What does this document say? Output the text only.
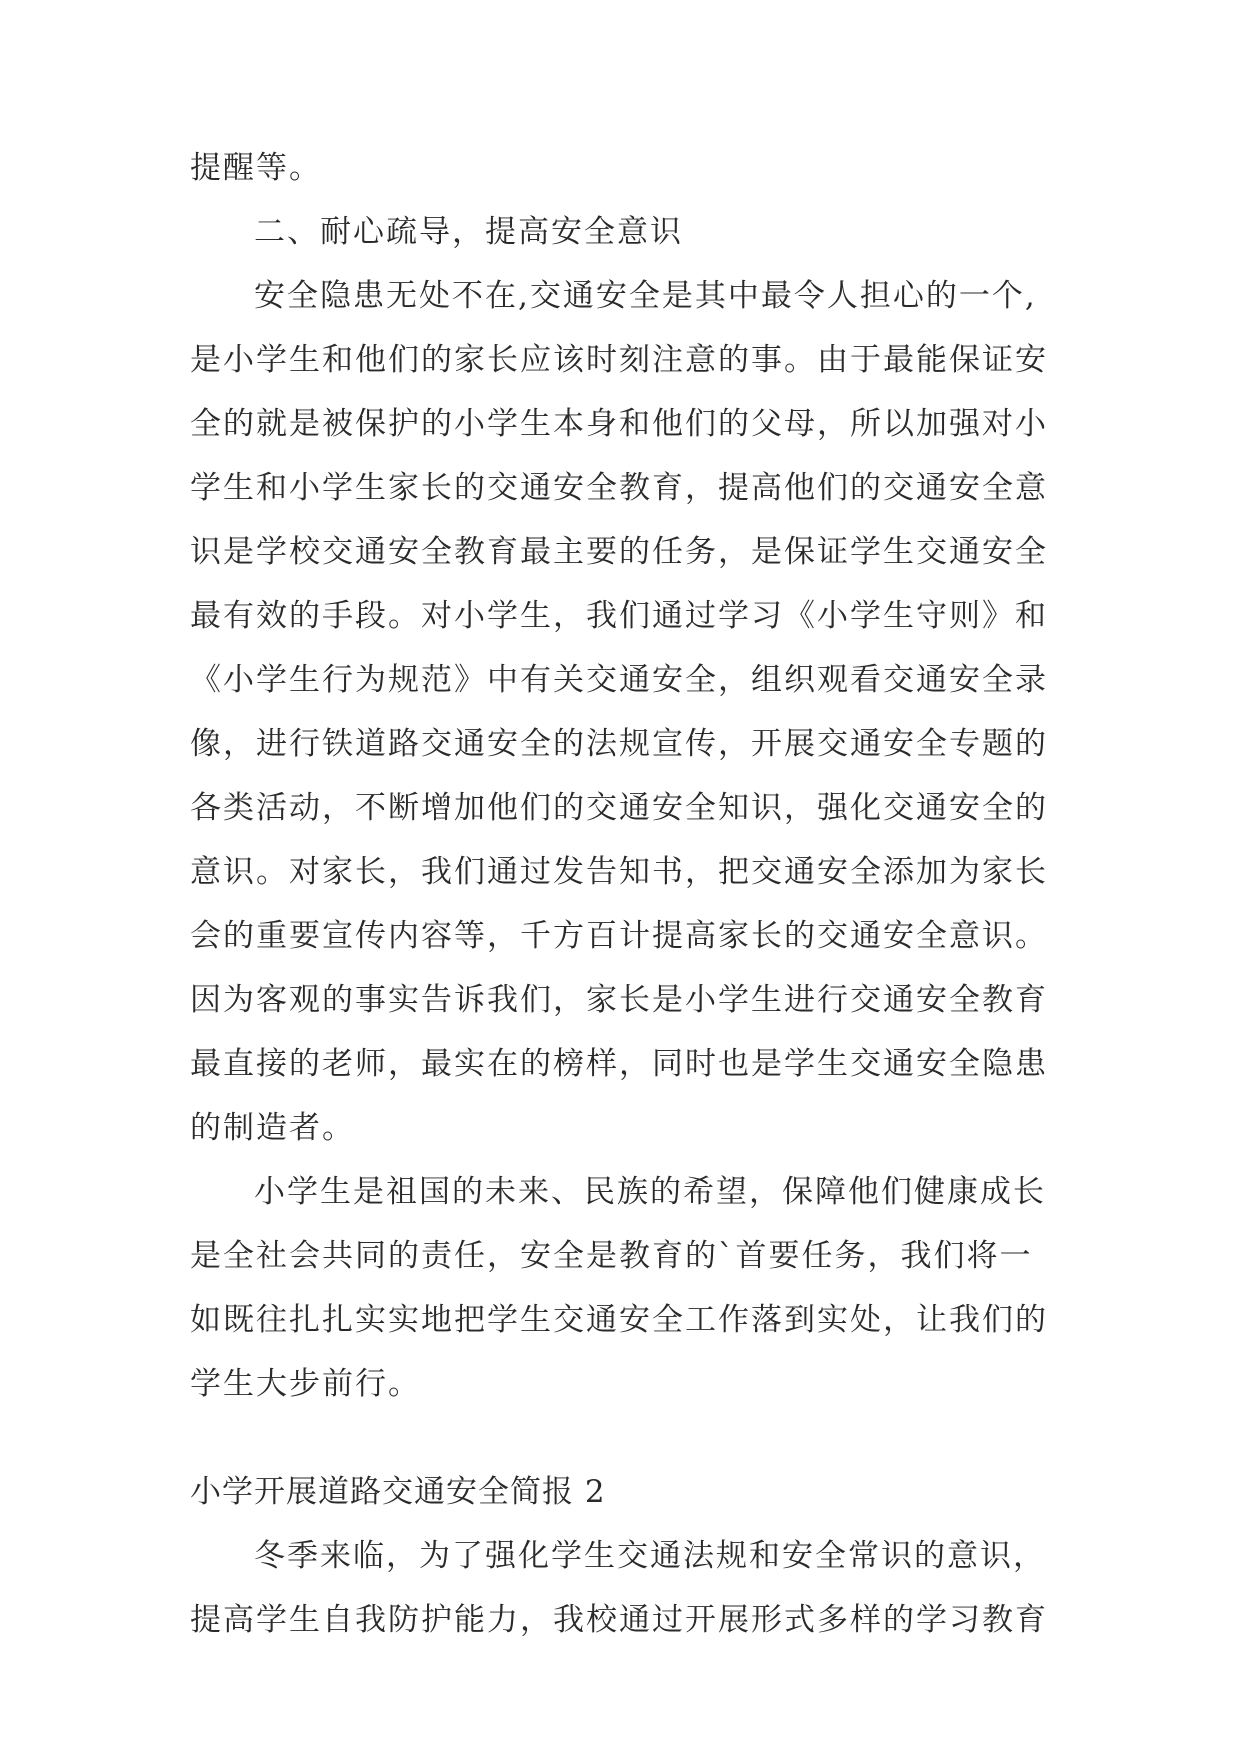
提醒等。
二、耐心疏导，提高安全意识
安全隐患无处不在,交通安全是其中最令人担心的一个,
是小学生和他们的家长应该时刻注意的事。由于最能保证安
全的就是被保护的小学生本身和他们的父母，所以加强对小
学生和小学生家长的交通安全教育，提高他们的交通安全意
识是学校交通安全教育最主要的任务，是保证学生交通安全
最有效的手段。对小学生，我们通过学习《小学生守则》和
《小学生行为规范》中有关交通安全，组织观看交通安全录
像，进行铁道路交通安全的法规宣传，开展交通安全专题的
各类活动，不断增加他们的交通安全知识，强化交通安全的
意识。对家长，我们通过发告知书，把交通安全添加为家长
会的重要宣传内容等，千方百计提高家长的交通安全意识。
因为客观的事实告诉我们，家长是小学生进行交通安全教育
最直接的老师，最实在的榜样，同时也是学生交通安全隐患
的制造者。
小学生是祖国的未来、民族的希望，保障他们健康成长
是全社会共同的责任，安全是教育的`首要任务，我们将一
如既往扎扎实实地把学生交通安全工作落到实处，让我们的
学生大步前行。
小学开展道路交通安全简报 2
冬季来临，为了强化学生交通法规和安全常识的意识，
提高学生自我防护能力，我校通过开展形式多样的学习教育
